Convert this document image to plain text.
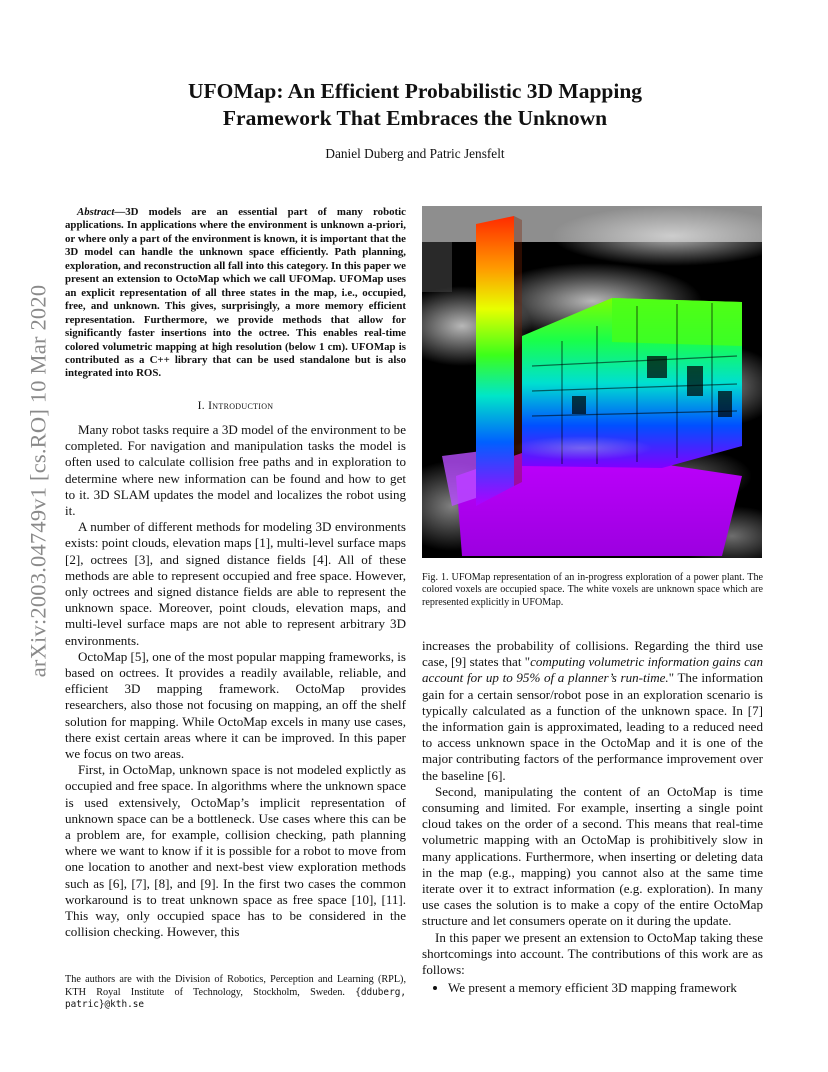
arXiv:2003.04749v1 [cs.RO] 10 Mar 2020
UFOMap: An Efficient Probabilistic 3D Mapping
Framework That Embraces the Unknown
Daniel Duberg and Patric Jensfelt

Abstract—3D models are an essential part of many robotic applications. In applications where the environment is unknown a-priori, or where only a part of the environment is known, it is important that the 3D model can handle the unknown space efficiently. Path planning, exploration, and reconstruction all fall into this category. In this paper we present an extension to OctoMap which we call UFOMap. UFOMap uses an explicit representation of all three states in the map, i.e., occupied, free, and unknown. This gives, surprisingly, a more memory efficient representation. Furthermore, we provide methods that allow for significantly faster insertions into the octree. This enables real-time colored volumetric mapping at high resolution (below 1 cm). UFOMap is contributed as a C++ library that can be used standalone but is also integrated into ROS.

I. Introduction

Many robot tasks require a 3D model of the environment to be completed. For navigation and manipulation tasks the model is often used to calculate collision free paths and in exploration to determine where new information can be found and how to get to it. 3D SLAM updates the model and localizes the robot using it.

A number of different methods for modeling 3D environments exists: point clouds, elevation maps [1], multi-level surface maps [2], octrees [3], and signed distance fields [4]. All of these methods are able to represent occupied and free space. However, only octrees and signed distance fields are able to represent the unknown space. Moreover, point clouds, elevation maps, and multi-level surface maps are not able to represent arbitrary 3D environments.

OctoMap [5], one of the most popular mapping frameworks, is based on octrees. It provides a readily available, reliable, and efficient 3D mapping framework. OctoMap provides researchers, also those not focusing on mapping, an off the shelf solution for mapping. While OctoMap excels in many use cases, there exist certain areas where it can be improved. In this paper we focus on two areas.

First, in OctoMap, unknown space is not modeled explictly as occupied and free space. In algorithms where the unknown space is used extensively, OctoMap’s implicit representation of unknown space can be a bottleneck. Use cases where this can be a problem are, for example, collision checking, path planning where we want to know if it is possible for a robot to move from one location to another and next-best view exploration methods such as [6], [7], [8], and [9]. In the first two cases the common workaround is to treat unknown space as free space [10], [11]. This way, only occupied space has to be considered in the collision checking. However, this

The authors are with the Division of Robotics, Perception and Learning (RPL), KTH Royal Institute of Technology, Stockholm, Sweden. {dduberg, patric}@kth.se
Fig. 1. UFOMap representation of an in-progress exploration of a power plant. The colored voxels are occupied space. The white voxels are unknown space which are represented explicitly in UFOMap.

increases the probability of collisions. Regarding the third use case, [9] states that "computing volumetric information gains can account for up to 95% of a planner’s run-time." The information gain for a certain sensor/robot pose in an exploration scenario is typically calculated as a function of the unknown space. In [7] the information gain is approximated, leading to a reduced need to access unknown space in the OctoMap and it is one of the major contributing factors of the performance improvement over the baseline [6].

Second, manipulating the content of an OctoMap is time consuming and limited. For example, inserting a single point cloud takes on the order of a second. This means that real-time volumetric mapping with an OctoMap is prohibitively slow in many applications. Furthermore, when inserting or deleting data in the map (e.g., mapping) you cannot also at the same time iterate over it to extract information (e.g. exploration). In many use cases the solution is to make a copy of the entire OctoMap structure and let consumers operate on it during the update.

In this paper we present an extension to OctoMap taking these shortcomings into account. The contributions of this work are as follows:

• We present a memory efficient 3D mapping framework
